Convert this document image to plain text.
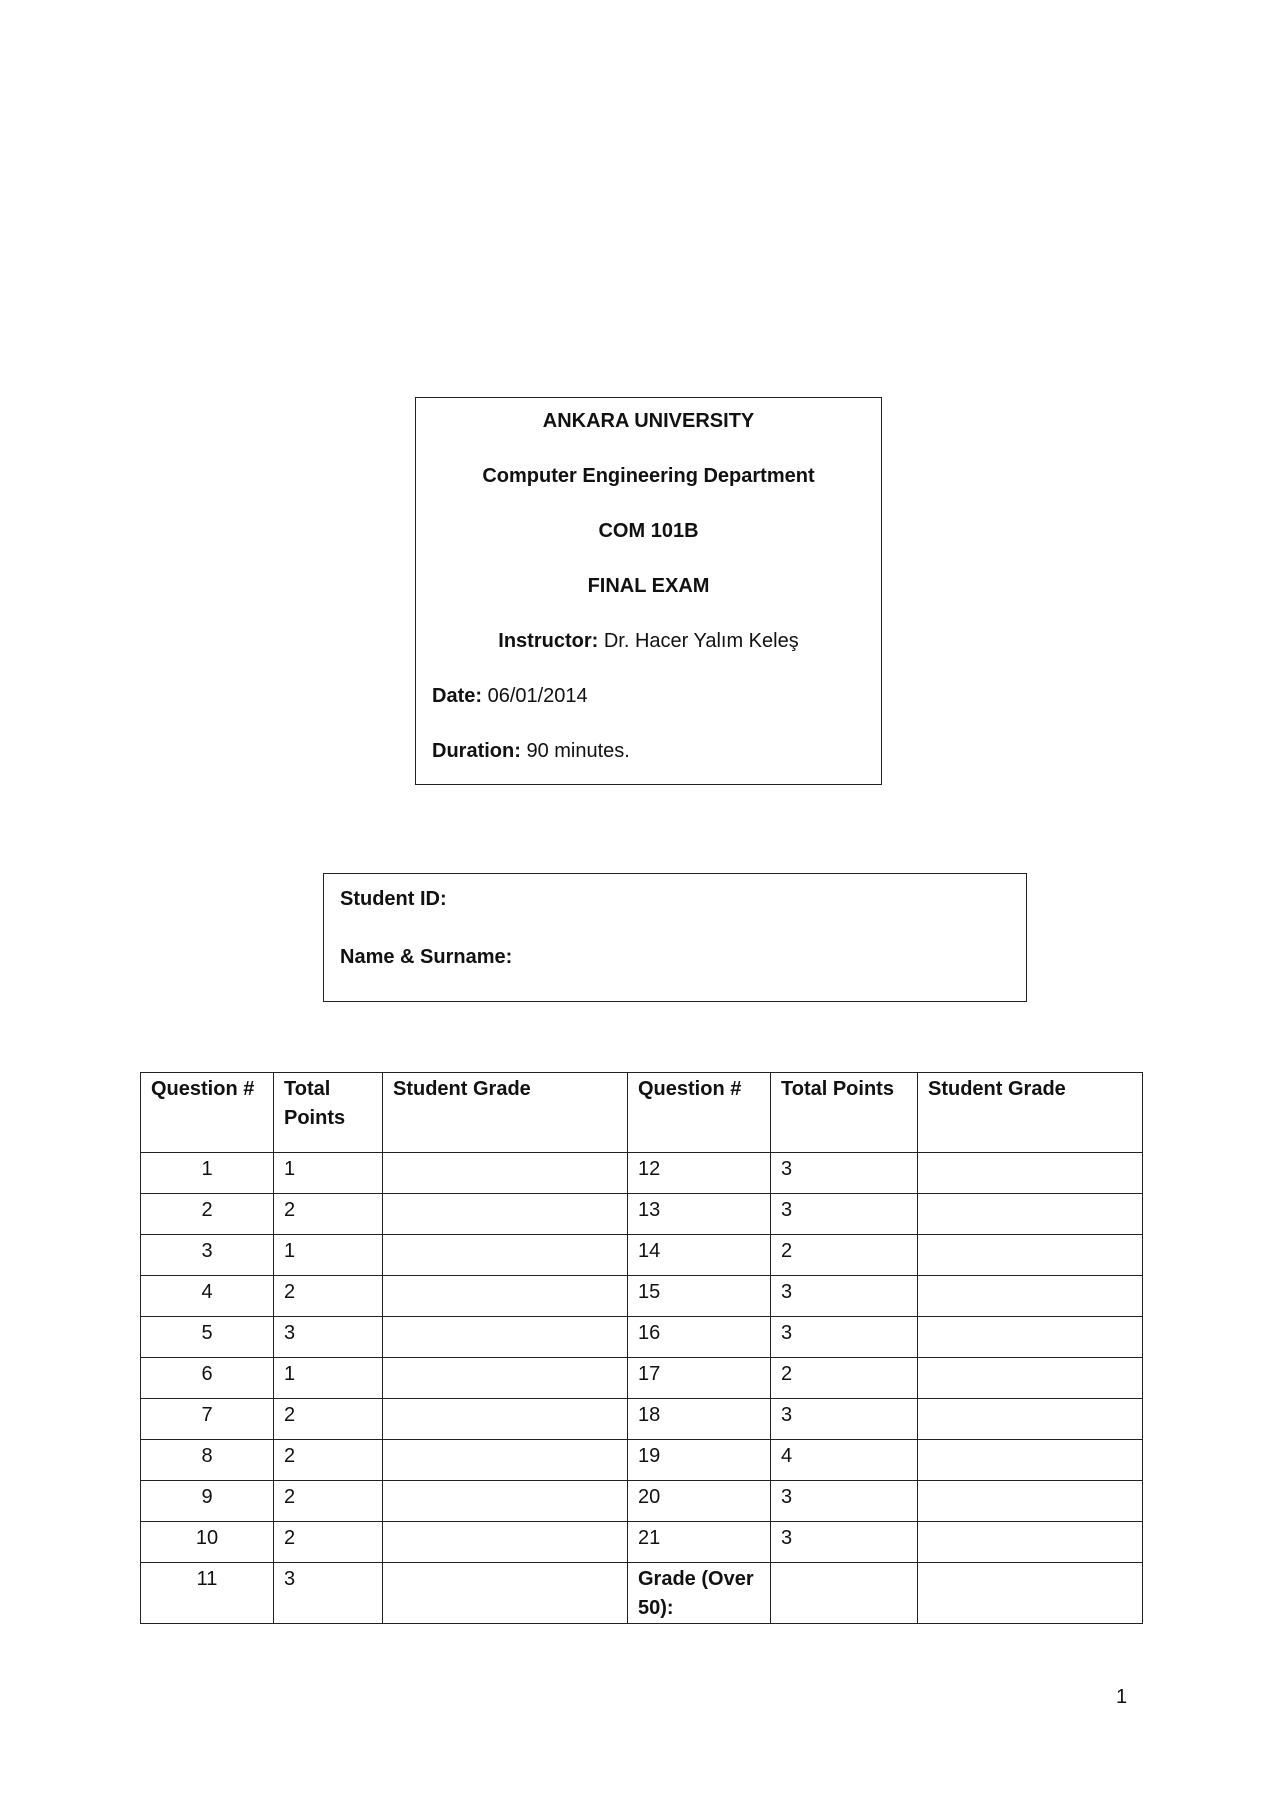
ANKARA UNIVERSITY
Computer Engineering Department
COM 101B
FINAL EXAM
Instructor: Dr. Hacer Yalım Keleş
Date: 06/01/2014
Duration: 90 minutes.
Student ID:
Name & Surname:
Question #	Total Points	Student Grade	Question #	Total Points	Student Grade
1	1		12	3	
2	2		13	3	
3	1		14	2	
4	2		15	3	
5	3		16	3	
6	1		17	2	
7	2		18	3	
8	2		19	4	
9	2		20	3	
10	2		21	3	
11	3		Grade (Over 50):		
1
